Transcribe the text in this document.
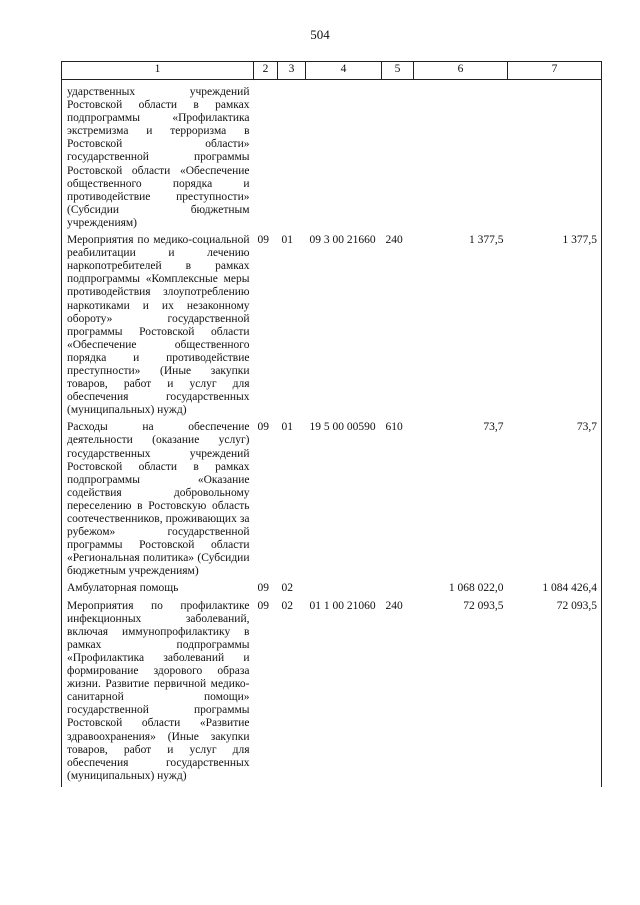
504
1	2	3	4	5	6	7

ударственных учреждений Ростовской области в рамках подпрограммы «Профилактика экстремизма и терроризма в Ростовской области» государственной программы Ростовской области «Обеспечение общественного порядка и противодействие преступности» (Субсидии бюджетным учреждениям)						
Мероприятия по медико-социальной реабилитации и лечению наркопотребителей в рамках подпрограммы «Комплексные меры противодействия злоупотреблению наркотиками и их незаконному обороту» государственной программы Ростовской области «Обеспечение общественного порядка и противодействие преступности» (Иные закупки товаров, работ и услуг для обеспечения государственных (муниципальных) нужд)	09	01	09 3 00 21660	240	1 377,5	1 377,5
Расходы на обеспечение деятельности (оказание услуг) государственных учреждений Ростовской области в рамках подпрограммы «Оказание содействия добровольному переселению в Ростовскую область соотечественников, проживающих за рубежом» государственной программы Ростовской области «Региональная политика» (Субсидии бюджетным учреждениям)	09	01	19 5 00 00590	610	73,7	73,7
Амбулаторная помощь	09	02			1 068 022,0	1 084 426,4
Мероприятия по профилактике инфекционных заболеваний, включая иммунопрофилактику в рамках подпрограммы «Профилактика заболеваний и формирование здорового образа жизни. Развитие первичной медико-санитарной помощи» государственной программы Ростовской области «Развитие здравоохранения» (Иные закупки товаров, работ и услуг для обеспечения государственных (муниципальных) нужд)	09	02	01 1 00 21060	240	72 093,5	72 093,5
